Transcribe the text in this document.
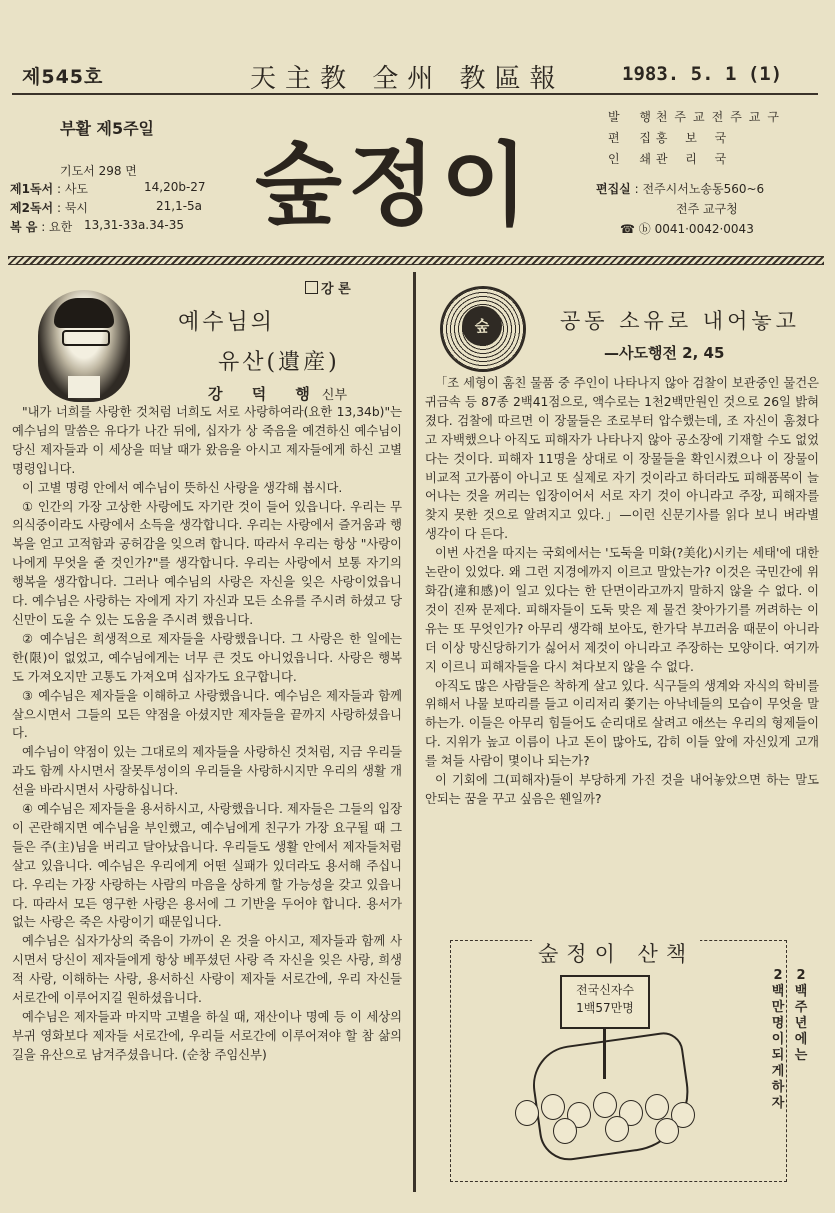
제545호	天主教 全州 教區報	1983. 5. 1 (1)
부활 제5주일
기도서 298 면
제1독서 : 사도	14,20b-27
제2독서 : 묵시	21,1-5a
복 음 : 요한 13,31-33a.34-35 숲정이
발 행 천주교전주교구
편 집 홍 보 국
인 쇄 관 리 국
편집실 : 전주시서노송동560~6
전주 교구청
☎ ⓑ 0041·0042·0043
강 론
예수님의
유산(遺産)
강 덕 행신부

"내가 너희를 사랑한 것처럼 너희도 서로 사랑하여라(요한 13,34b)"는 예수님의 말씀은 유다가 나간 뒤에, 십자가 상 죽음을 예견하신 예수님이 당신 제자들과 이 세상을 떠날 때가 왔음을 아시고 제자들에게 하신 고별 명령입니다.

이 고별 명령 안에서 예수님이 뜻하신 사랑을 생각해 봅시다.

① 인간의 가장 고상한 사랑에도 자기란 것이 들어 있읍니다. 우리는 무의식중이라도 사랑에서 소득을 생각합니다. 우리는 사랑에서 즐거움과 행복을 얻고 고적함과 공허감을 잊으려 합니다. 따라서 우리는 항상 "사랑이 나에게 무엇을 줄 것인가?"를 생각합니다. 우리는 사랑에서 보통 자기의 행복을 생각합니다. 그러나 예수님의 사랑은 자신을 잊은 사랑이었읍니다. 예수님은 사랑하는 자에게 자기 자신과 모든 소유를 주시려 하셨고 당신만이 도울 수 있는 도움을 주시려 했읍니다.

② 예수님은 희생적으로 제자들을 사랑했읍니다. 그 사랑은 한 일에는 한(限)이 없었고, 예수님에게는 너무 큰 것도 아니었읍니다. 사랑은 행복도 가져오지만 고통도 가져오며 십자가도 요구합니다.

③ 예수님은 제자들을 이해하고 사랑했읍니다. 예수님은 제자들과 함께 살으시면서 그들의 모든 약점을 아셨지만 제자들을 끝까지 사랑하셨읍니다.

예수님이 약점이 있는 그대로의 제자들을 사랑하신 것처럼, 지금 우리들과도 함께 사시면서 잘못투성이의 우리들을 사랑하시지만 우리의 생활 개선을 바라시면서 사랑하십니다.

④ 예수님은 제자들을 용서하시고, 사랑했읍니다. 제자들은 그들의 입장이 곤란해지면 예수님을 부인했고, 예수님에게 친구가 가장 요구될 때 그들은 주(主)님을 버리고 달아났읍니다. 우리들도 생활 안에서 제자들처럼 살고 있읍니다. 예수님은 우리에게 어떤 실패가 있더라도 용서해 주십니다. 우리는 가장 사랑하는 사람의 마음을 상하게 할 가능성을 갖고 있읍니다. 따라서 모든 영구한 사랑은 용서에 그 기반을 두어야 합니다. 용서가 없는 사랑은 죽은 사랑이기 때문입니다.

예수님은 십자가상의 죽음이 가까이 온 것을 아시고, 제자들과 함께 사시면서 당신이 제자들에게 항상 베푸셨던 사랑 즉 자신을 잊은 사랑, 희생적 사랑, 이해하는 사랑, 용서하신 사랑이 제자들 서로간에, 우리 자신들 서로간에 이루어지길 원하셨읍니다.

예수님은 제자들과 마지막 고별을 하실 때, 재산이나 명예 등 이 세상의 부귀 영화보다 제자들 서로간에, 우리들 서로간에 이루어져야 할 참 삶의 길을 유산으로 남겨주셨읍니다. (순창 주임신부)

숲	공동 소유로 내어놓고
—사도행전 2, 45

「조 세형이 훔친 물품 중 주인이 나타나지 않아 검찰이 보관중인 물건은 귀금속 등 87종 2백41점으로, 액수로는 1천2백만원인 것으로 26일 밝혀졌다. 검찰에 따르면 이 장물들은 조로부터 압수했는데, 조 자신이 훔쳤다고 자백했으나 아직도 피해자가 나타나지 않아 공소장에 기재할 수도 없었다는 것이다. 피해자 11명을 상대로 이 장물들을 확인시켰으나 이 장물이 비교적 고가품이 아니고 또 실제로 자기 것이라고 하더라도 피해품목이 늘어나는 것을 꺼리는 입장이어서 서로 자기 것이 아니라고 주장, 피해자를 찾지 못한 것으로 알려지고 있다.」—이런 신문기사를 읽다 보니 벼라별 생각이 다 든다.

이번 사건을 따지는 국회에서는 '도둑을 미화(?美化)시키는 세태'에 대한 논란이 있었다. 왜 그런 지경에까지 이르고 말았는가? 이것은 국민간에 위화감(違和感)이 일고 있다는 한 단면이라고까지 말하지 않을 수 없다. 이것이 진짜 문제다. 피해자들이 도둑 맞은 제 물건 찾아가기를 꺼려하는 이유는 또 무엇인가? 아무리 생각해 보아도, 한가닥 부끄러움 때문이 아니라 더 이상 망신당하기가 싫어서 제것이 아니라고 주장하는 모양이다. 여기까지 이르니 피해자들을 다시 쳐다보지 않을 수 없다.

아직도 많은 사람들은 착하게 살고 있다. 식구들의 생계와 자식의 학비를 위해서 나물 보따리를 들고 이리저리 쫓기는 아낙네들의 모습이 무엇을 말하는가. 이들은 아무리 힘들어도 순리대로 살려고 애쓰는 우리의 형제들이다. 지위가 높고 이름이 나고 돈이 많아도, 감히 이들 앞에 자신있게 고개를 쳐들 사람이 몇이나 되는가?

이 기회에 그(피해자)들이 부당하게 가진 것을 내어놓았으면 하는 말도 안되는 꿈을 꾸고 싶음은 웬일까?

숲정이 산책
전국신자수
1백57만명
2백주년에는
2백만명이 되게하자
